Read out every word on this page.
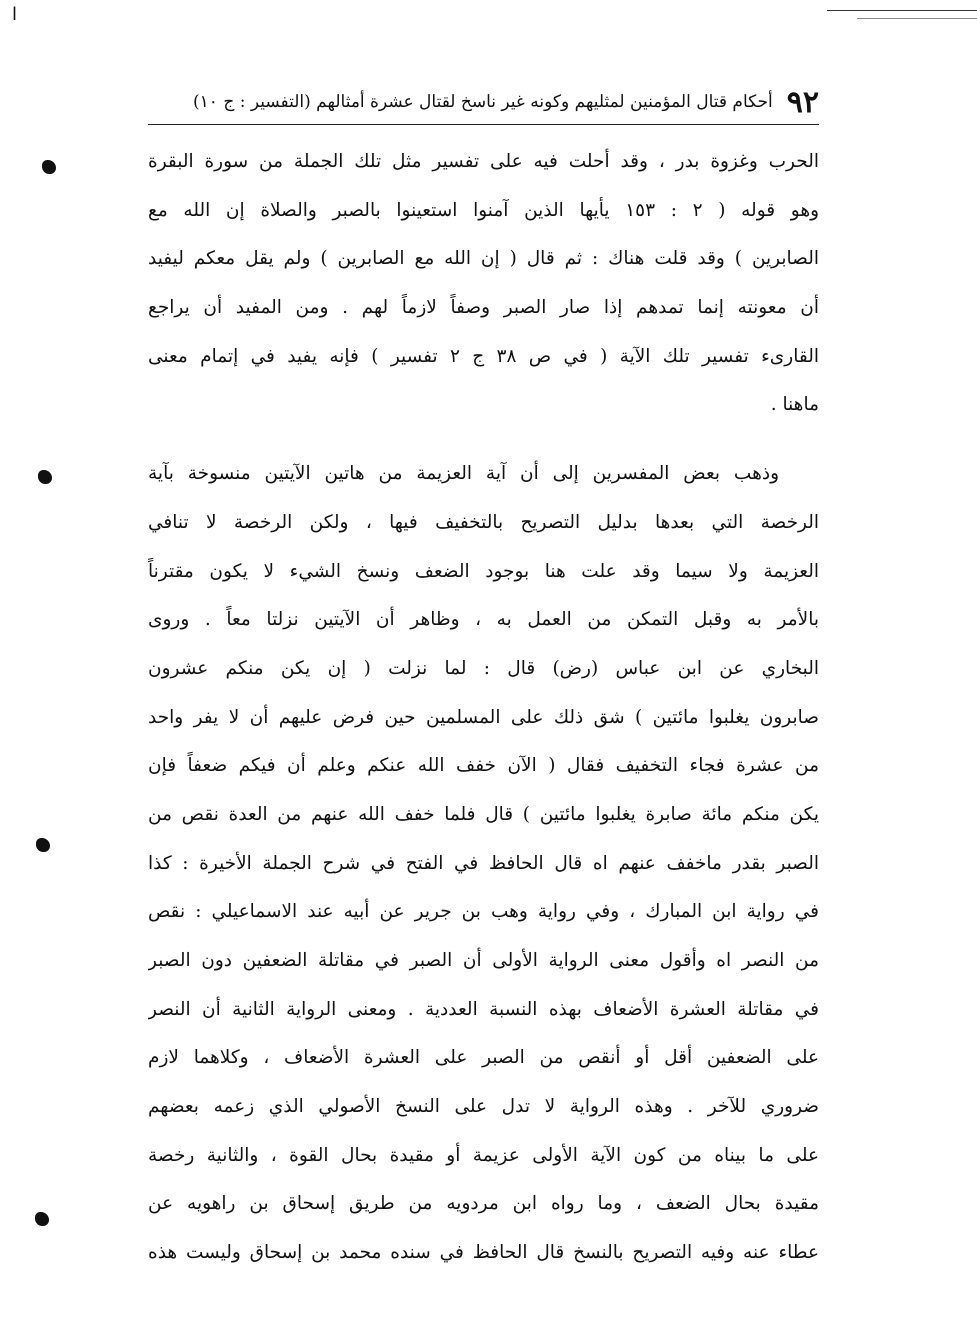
ا
٩٢
أحكام قتال المؤمنين لمثليهم وكونه غير ناسخ لقتال عشرة أمثالهم (التفسير : ج ١٠)

الحرب وغزوة بدر ، وقد أحلت فيه على تفسير مثل تلك الجملة من سورة البقرة
وهو قوله ( ٢ : ١٥٣ يأيها الذين آمنوا استعينوا بالصبر والصلاة إن الله مع
الصابرين ) وقد قلت هناك : ثم قال ( إن الله مع الصابرين ) ولم يقل معكم ليفيد
أن معونته إنما تمدهم إذا صار الصبر وصفاً لازماً لهم . ومن المفيد أن يراجع
القارىء تفسير تلك الآية ( في ص ٣٨ ج ٢ تفسير ) فإنه يفيد في إتمام معنى
ماهنا .

وذهب بعض المفسرين إلى أن آية العزيمة من هاتين الآيتين منسوخة بآية
الرخصة التي بعدها بدليل التصريح بالتخفيف فيها ، ولكن الرخصة لا تنافي
العزيمة ولا سيما وقد علت هنا بوجود الضعف ونسخ الشيء لا يكون مقترناً
بالأمر به وقبل التمكن من العمل به ، وظاهر أن الآيتين نزلتا معاً . وروى
البخاري عن ابن عباس (رض) قال : لما نزلت ( إن يكن منكم عشرون
صابرون يغلبوا مائتين ) شق ذلك على المسلمين حين فرض عليهم أن لا يفر واحد
من عشرة فجاء التخفيف فقال ( الآن خفف الله عنكم وعلم أن فيكم ضعفاً فإن
يكن منكم مائة صابرة يغلبوا مائتين ) قال فلما خفف الله عنهم من العدة نقص من
الصبر بقدر ماخفف عنهم اه قال الحافظ في الفتح في شرح الجملة الأخيرة : كذا
في رواية ابن المبارك ، وفي رواية وهب بن جرير عن أبيه عند الاسماعيلي : نقص
من النصر اه وأقول معنى الرواية الأولى أن الصبر في مقاتلة الضعفين دون الصبر
في مقاتلة العشرة الأضعاف بهذه النسبة العددية . ومعنى الرواية الثانية أن النصر
على الضعفين أقل أو أنقص من الصبر على العشرة الأضعاف ، وكلاهما لازم
ضروري للآخر . وهذه الرواية لا تدل على النسخ الأصولي الذي زعمه بعضهم
على ما بيناه من كون الآية الأولى عزيمة أو مقيدة بحال القوة ، والثانية رخصة
مقيدة بحال الضعف ، وما رواه ابن مردويه من طريق إسحاق بن راهويه عن
عطاء عنه وفيه التصريح بالنسخ قال الحافظ في سنده محمد بن إسحاق وليست هذه
